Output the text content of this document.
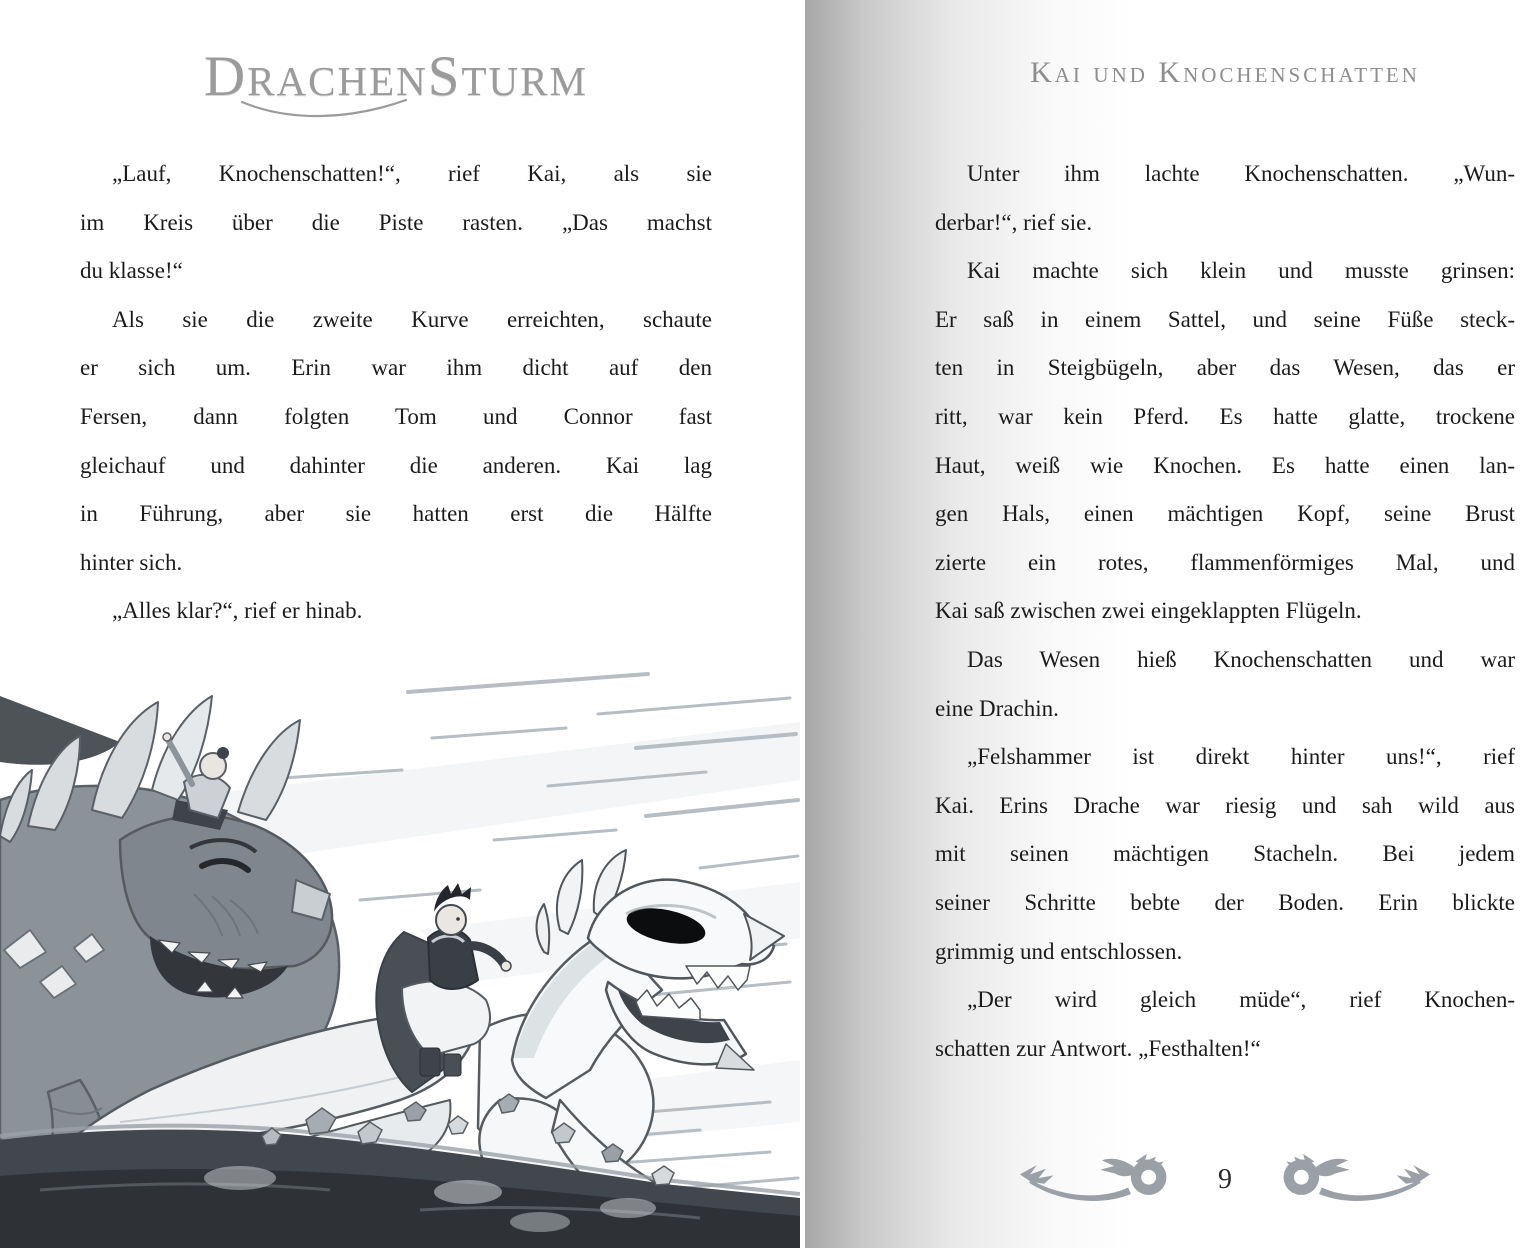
D RACHEN S TURM
„Lauf, Knochenschatten!“, rief Kai, als sie
im Kreis über die Piste rasten. „Das machst
du klasse!“
Als sie die zweite Kurve erreichten, schaute
er sich um. Erin war ihm dicht auf den
Fersen, dann folgten Tom und Connor fast
gleichauf und dahinter die anderen. Kai lag
in Führung, aber sie hatten erst die Hälfte
hinter sich.
„Alles klar?“, rief er hinab.
Kai und Knochenschatten
Unter ihm lachte Knochenschatten. „Wun-
derbar!“, rief sie.
Kai machte sich klein und musste grinsen:
Er saß in einem Sattel, und seine Füße steck-
ten in Steigbügeln, aber das Wesen, das er
ritt, war kein Pferd. Es hatte glatte, trockene
Haut, weiß wie Knochen. Es hatte einen lan-
gen Hals, einen mächtigen Kopf, seine Brust
zierte ein rotes, flammenförmiges Mal, und
Kai saß zwischen zwei eingeklappten Flügeln.
Das Wesen hieß Knochenschatten und war
eine Drachin.
„Felshammer ist direkt hinter uns!“, rief
Kai. Erins Drache war riesig und sah wild aus
mit seinen mächtigen Stacheln. Bei jedem
seiner Schritte bebte der Boden. Erin blickte
grimmig und entschlossen.
„Der wird gleich müde“, rief Knochen-
schatten zur Antwort. „Festhalten!“
9
